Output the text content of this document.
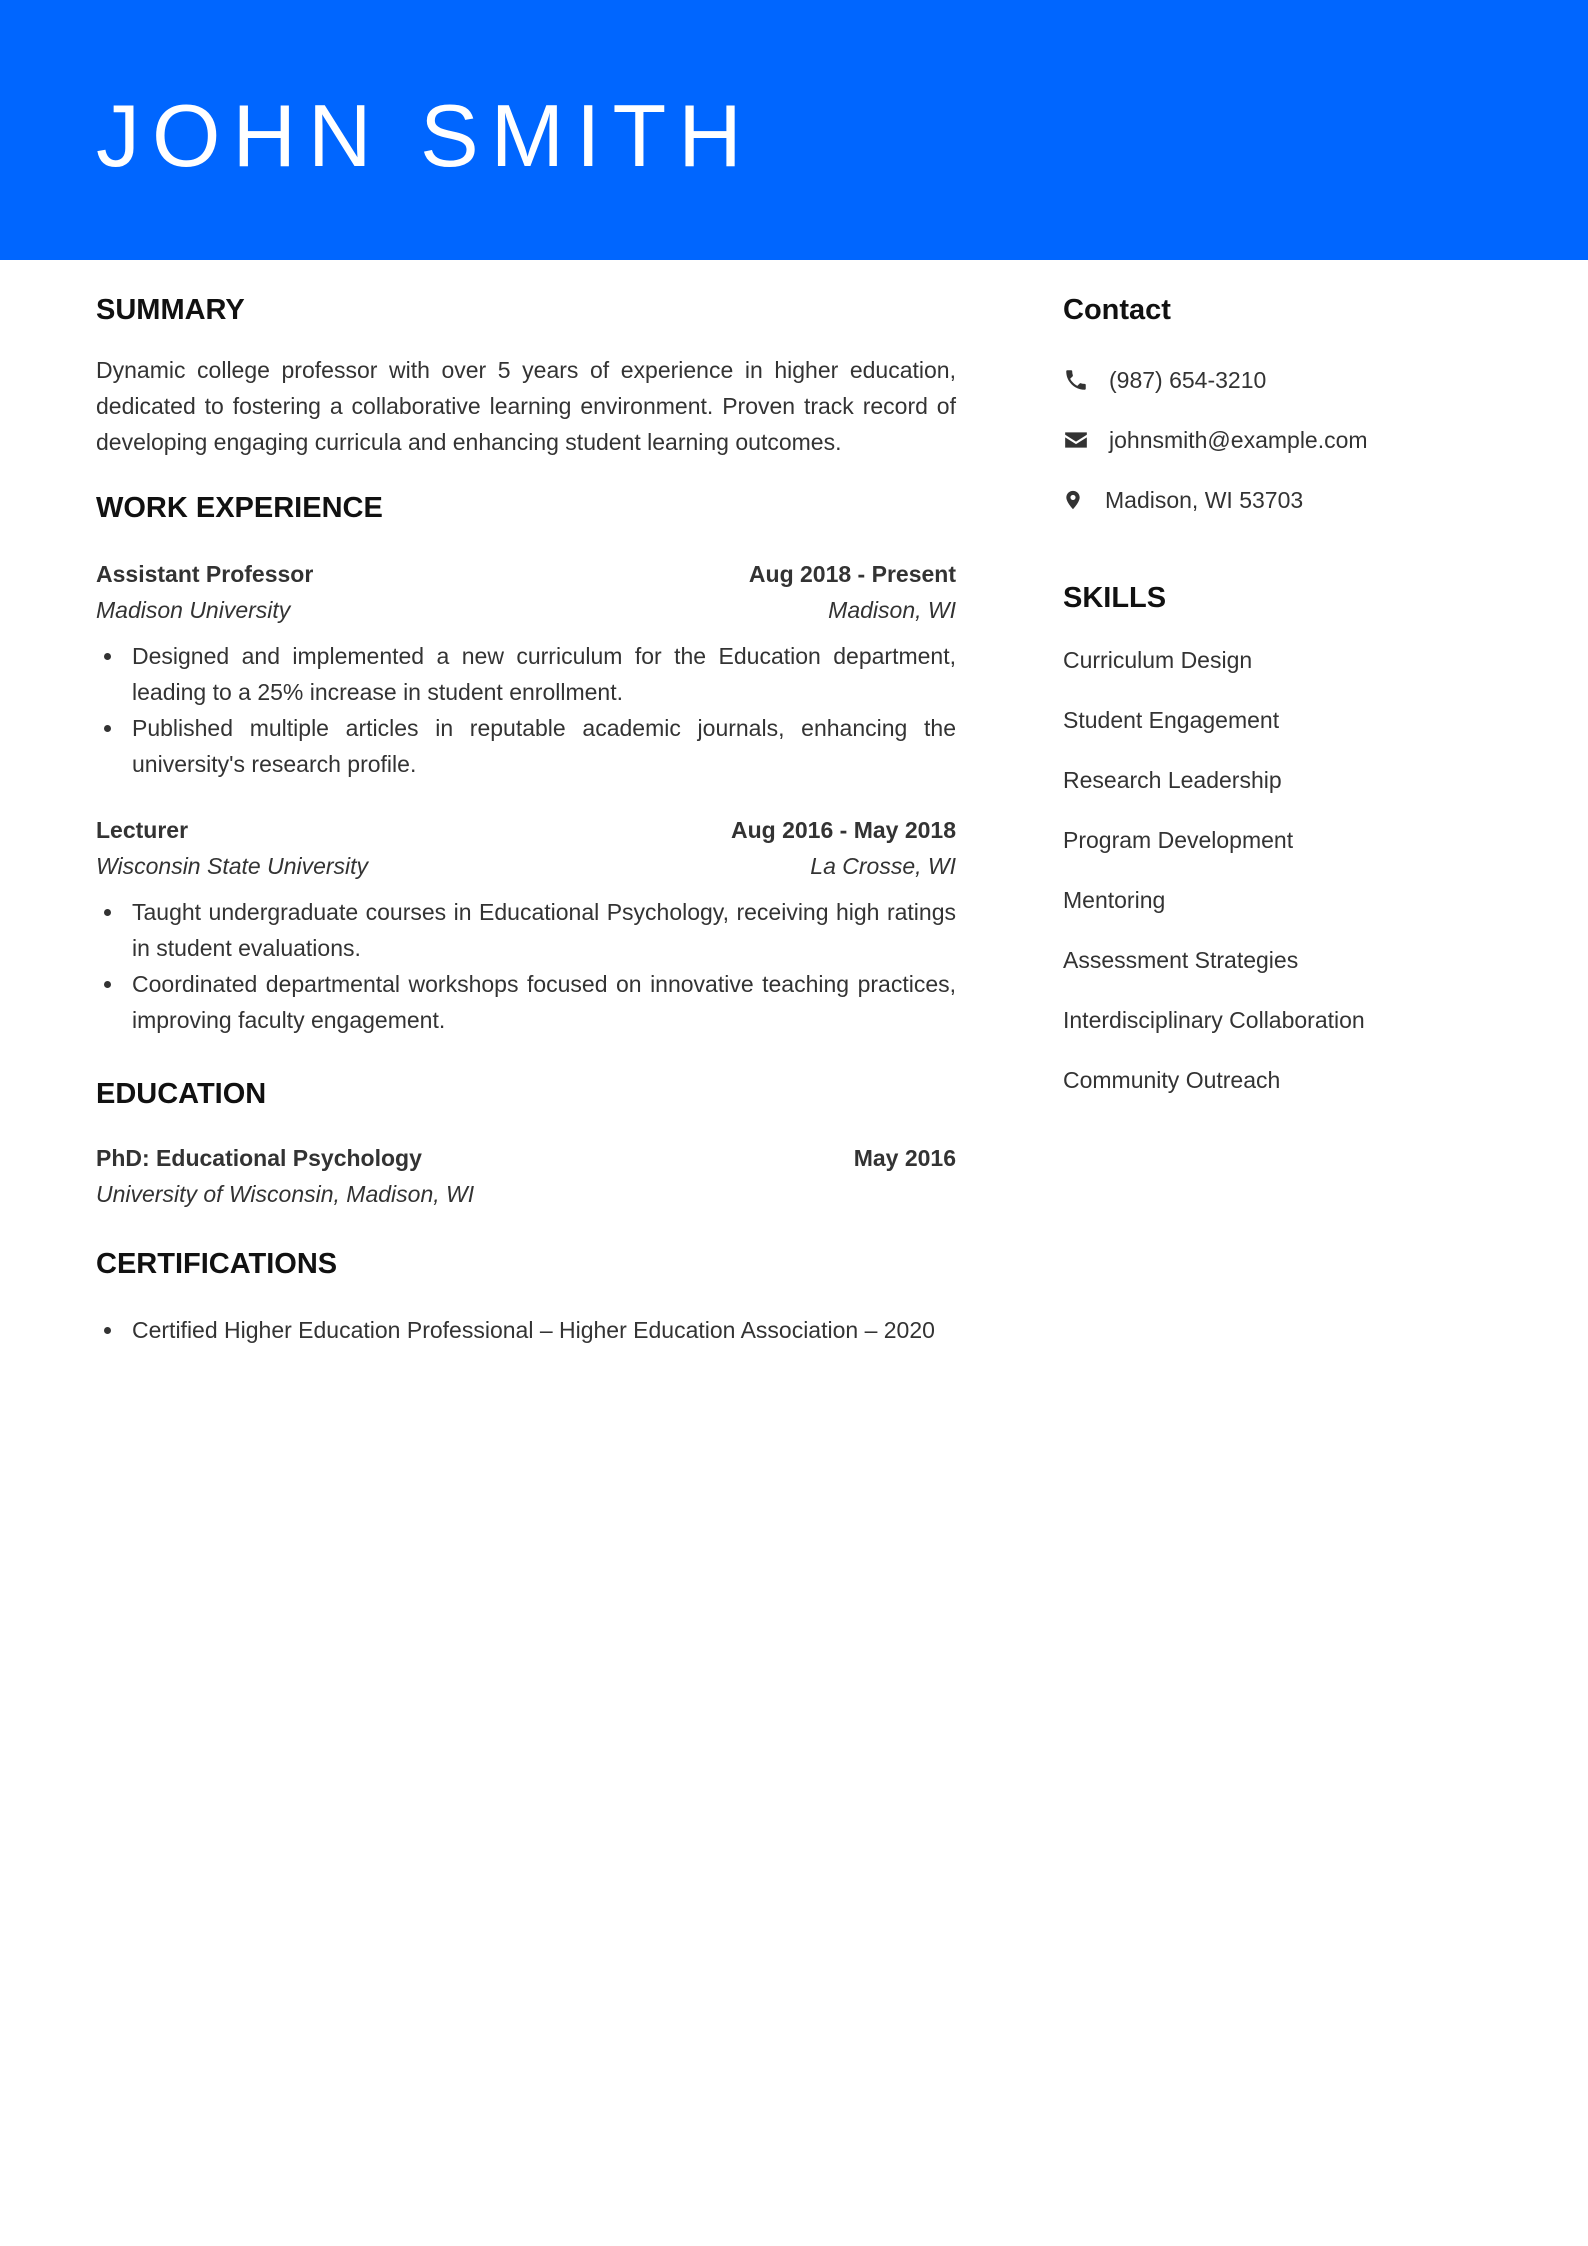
JOHN SMITH
SUMMARY
Dynamic college professor with over 5 years of experience in higher education, dedicated to fostering a collaborative learning environment. Proven track record of developing engaging curricula and enhancing student learning outcomes.
WORK EXPERIENCE
Assistant Professor	Aug 2018 - Present
Madison University	Madison, WI
Designed and implemented a new curriculum for the Education department, leading to a 25% increase in student enrollment.
Published multiple articles in reputable academic journals, enhancing the university's research profile.
Lecturer	Aug 2016 - May 2018
Wisconsin State University	La Crosse, WI
Taught undergraduate courses in Educational Psychology, receiving high ratings in student evaluations.
Coordinated departmental workshops focused on innovative teaching practices, improving faculty engagement.
EDUCATION
PhD: Educational Psychology	May 2016
University of Wisconsin, Madison, WI
CERTIFICATIONS
Certified Higher Education Professional – Higher Education Association – 2020
Contact
(987) 654-3210
johnsmith@example.com
Madison, WI 53703
SKILLS
Curriculum Design
Student Engagement
Research Leadership
Program Development
Mentoring
Assessment Strategies
Interdisciplinary Collaboration
Community Outreach
